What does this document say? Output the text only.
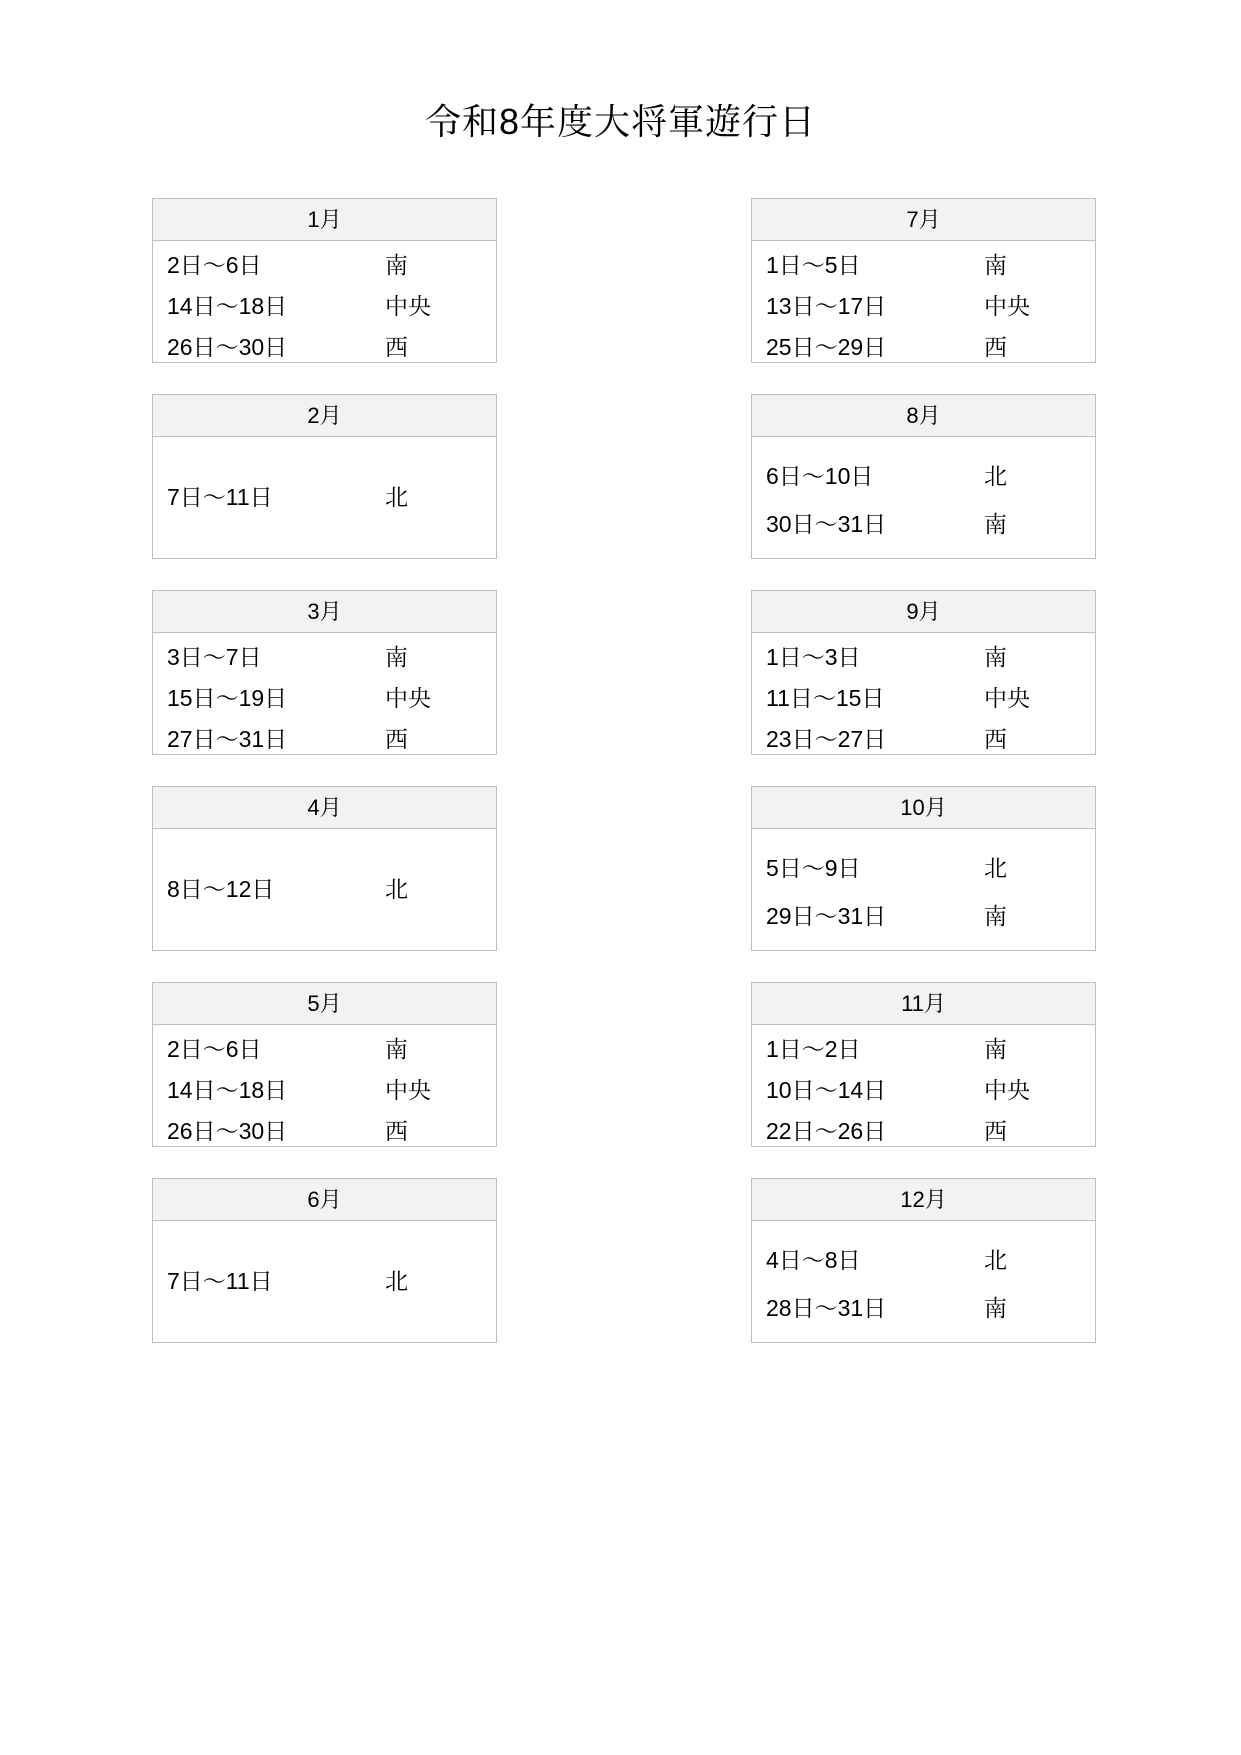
令和8年度大将軍遊行日
1月
2日〜6日	南
14日〜18日	中央
26日〜30日	西
2月
7日〜11日	北
3月
3日〜7日	南
15日〜19日	中央
27日〜31日	西
4月
8日〜12日	北
5月
2日〜6日	南
14日〜18日	中央
26日〜30日	西
6月
7日〜11日	北
7月
1日〜5日	南
13日〜17日	中央
25日〜29日	西
8月
6日〜10日	北
30日〜31日	南
9月
1日〜3日	南
11日〜15日	中央
23日〜27日	西
10月
5日〜9日	北
29日〜31日	南
11月
1日〜2日	南
10日〜14日	中央
22日〜26日	西
12月
4日〜8日	北
28日〜31日	南
